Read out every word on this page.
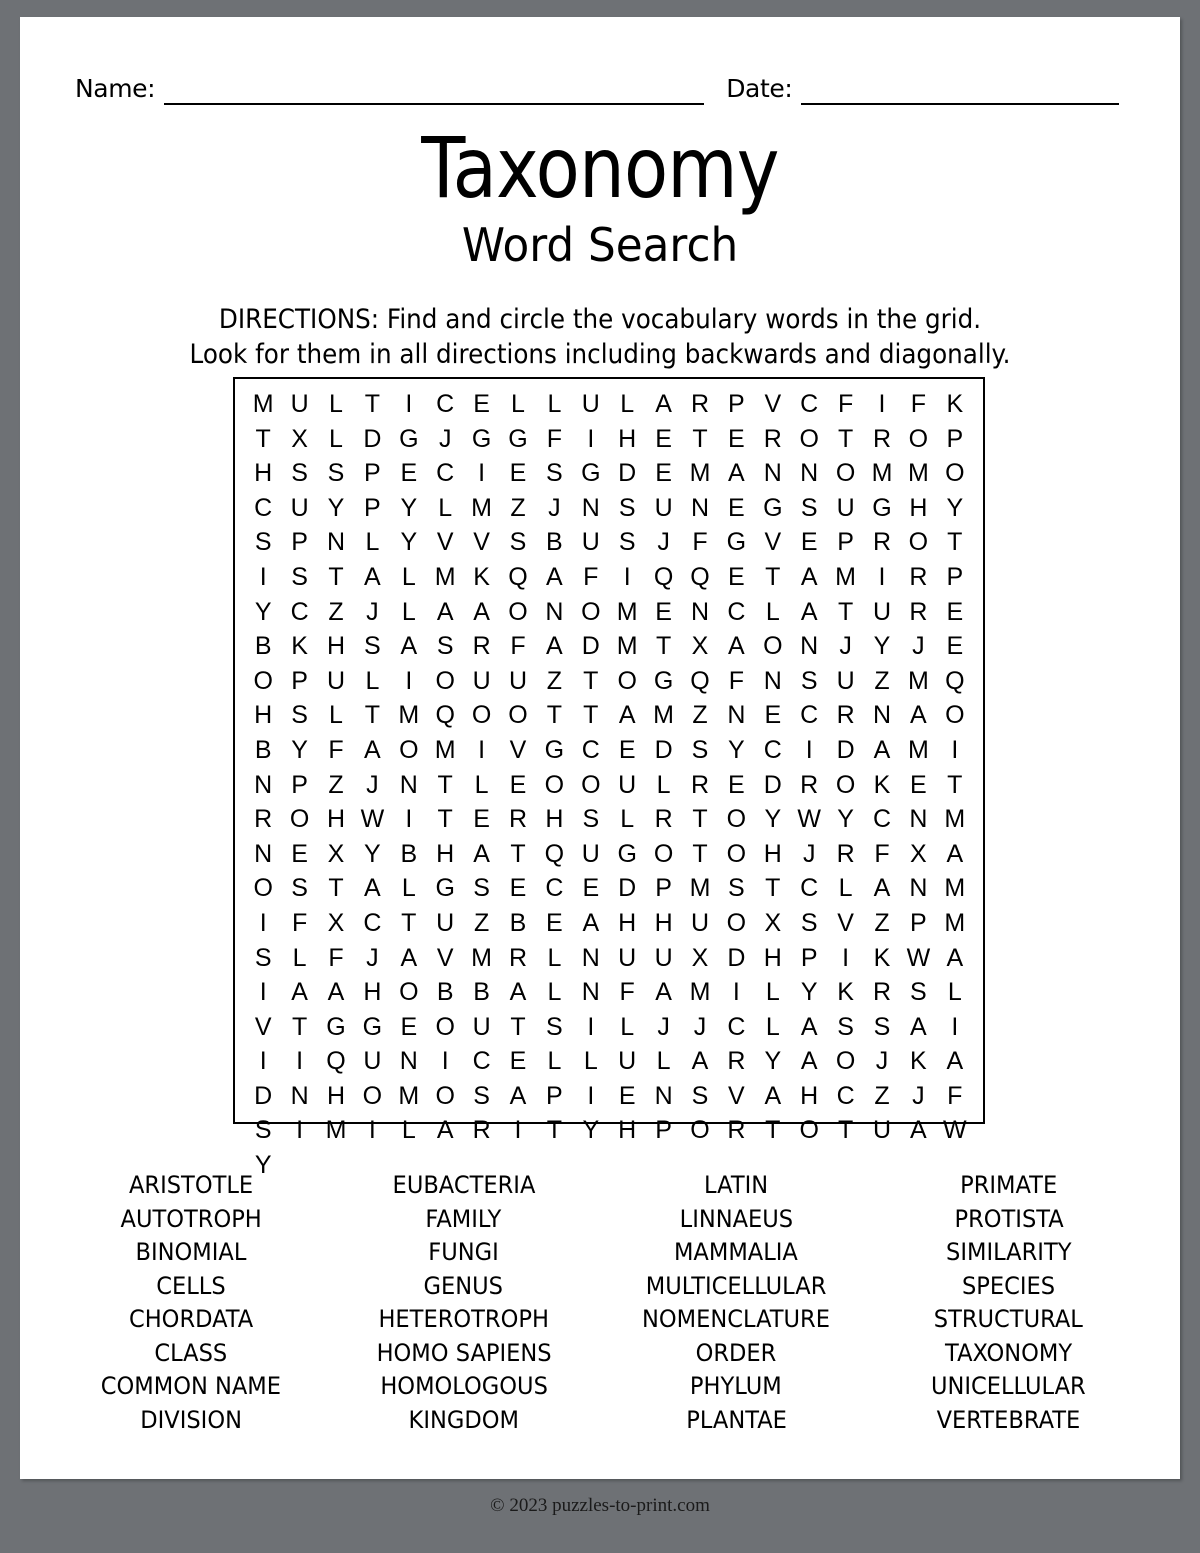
Name:	Date:
Taxonomy
Word Search
DIRECTIONS: Find and circle the vocabulary words in the grid.
Look for them in all directions including backwards and diagonally.
M U L T	I C E L L U L A R P V C F	I	F K
T X L D G J G G F	I H E T E R O T R O P
H S S P E C I E S G D E M A N N O M M O
C U Y P Y L M Z J N S U N E G S U G H Y
S P N L Y V V S B U S J F G V E P R O T
I S T A L M K Q A F	I Q Q E T A M I R P
Y C Z J L A A O N O M E N C L A T U R E
B K H S A S R F A D M T X A O N J Y J E
O P U L	I O U U Z T O G Q F N S U Z M Q
H S L T M Q O O T T A M Z N E C R N A O
B Y F A O M I V G C E D S Y C I D A M I
N P Z J N T L E O O U L R E D R O K E T
R O H W I	T E R H S L R T O Y W Y C N M
N E X Y B H A T Q U G O T O H J R F X A
O S T A L G S E C E D P M S T C L A N M
I	F X C T U Z B E A H H U O X S V Z P M
S L F J A V M R L N U U X D H P I K W A
I A A H O B B A L N F A M I	L Y K R S L
V T G G E O U T S I	L J J C L A S S A I
I	I Q U N I C E L L U L A R Y A O J K A
D N H O M O S A P I E N S V A H C Z J F
S I M I	L A R I	T Y H P O R T O T U A W
Y
ARISTOTLE
AUTOTROPH
BINOMIAL
CELLS
CHORDATA
CLASS
COMMON NAME
DIVISION
EUBACTERIA
FAMILY
FUNGI
GENUS
HETEROTROPH
HOMO SAPIENS
HOMOLOGOUS
KINGDOM
LATIN
LINNAEUS
MAMMALIA
MULTICELLULAR
NOMENCLATURE
ORDER
PHYLUM
PLANTAE
PRIMATE
PROTISTA
SIMILARITY
SPECIES
STRUCTURAL
TAXONOMY
UNICELLULAR
VERTEBRATE
© 2023 puzzles-to-print.com
